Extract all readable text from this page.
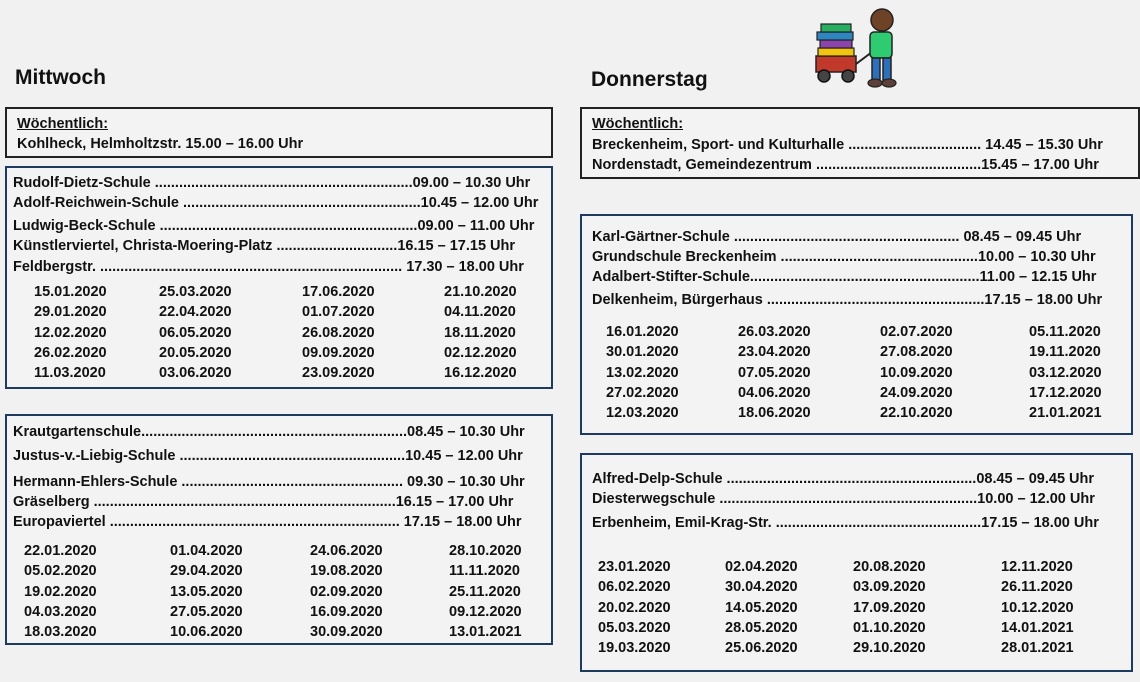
Mittwoch
Wöchentlich:
Kohlheck, Helmholtzstr. 15.00 – 16.00 Uhr
Rudolf-Dietz-Schule ................................................................09.00 – 10.30 Uhr
Adolf-Reichwein-Schule ...........................................................10.45 – 12.00 Uhr
Ludwig-Beck-Schule ................................................................09.00 – 11.00 Uhr
Künstlerviertel, Christa-Moering-Platz ..............................16.15 – 17.15 Uhr
Feldbergstr. ........................................................................... 17.30 – 18.00 Uhr
15.01.2020
29.01.2020
12.02.2020
26.02.2020
11.03.2020
25.03.2020
22.04.2020
06.05.2020
20.05.2020
03.06.2020
17.06.2020
01.07.2020
26.08.2020
09.09.2020
23.09.2020
21.10.2020
04.11.2020
18.11.2020
02.12.2020
16.12.2020
Krautgartenschule..................................................................08.45 – 10.30 Uhr
Justus-v.-Liebig-Schule ........................................................10.45 – 12.00 Uhr
Hermann-Ehlers-Schule ....................................................... 09.30 – 10.30 Uhr
Gräselberg ...........................................................................16.15 – 17.00 Uhr
Europaviertel ........................................................................ 17.15 – 18.00 Uhr
22.01.2020
05.02.2020
19.02.2020
04.03.2020
18.03.2020
01.04.2020
29.04.2020
13.05.2020
27.05.2020
10.06.2020
24.06.2020
19.08.2020
02.09.2020
16.09.2020
30.09.2020
28.10.2020
11.11.2020
25.11.2020
09.12.2020
13.01.2021
Donnerstag
Wöchentlich:
Breckenheim, Sport- und Kulturhalle ................................. 14.45 – 15.30 Uhr
Nordenstadt, Gemeindezentrum .........................................15.45 – 17.00 Uhr
Karl-Gärtner-Schule ........................................................ 08.45 – 09.45 Uhr
Grundschule Breckenheim .................................................10.00 – 10.30 Uhr
Adalbert-Stifter-Schule.........................................................11.00 – 12.15 Uhr
Delkenheim, Bürgerhaus ......................................................17.15 – 18.00 Uhr
16.01.2020
30.01.2020
13.02.2020
27.02.2020
12.03.2020
26.03.2020
23.04.2020
07.05.2020
04.06.2020
18.06.2020
02.07.2020
27.08.2020
10.09.2020
24.09.2020
22.10.2020
05.11.2020
19.11.2020
03.12.2020
17.12.2020
21.01.2021
Alfred-Delp-Schule ..............................................................08.45 – 09.45 Uhr
Diesterwegschule ................................................................10.00 – 12.00 Uhr
Erbenheim, Emil-Krag-Str. ...................................................17.15 – 18.00 Uhr
23.01.2020
06.02.2020
20.02.2020
05.03.2020
19.03.2020
02.04.2020
30.04.2020
14.05.2020
28.05.2020
25.06.2020
20.08.2020
03.09.2020
17.09.2020
01.10.2020
29.10.2020
12.11.2020
26.11.2020
10.12.2020
14.01.2021
28.01.2021
